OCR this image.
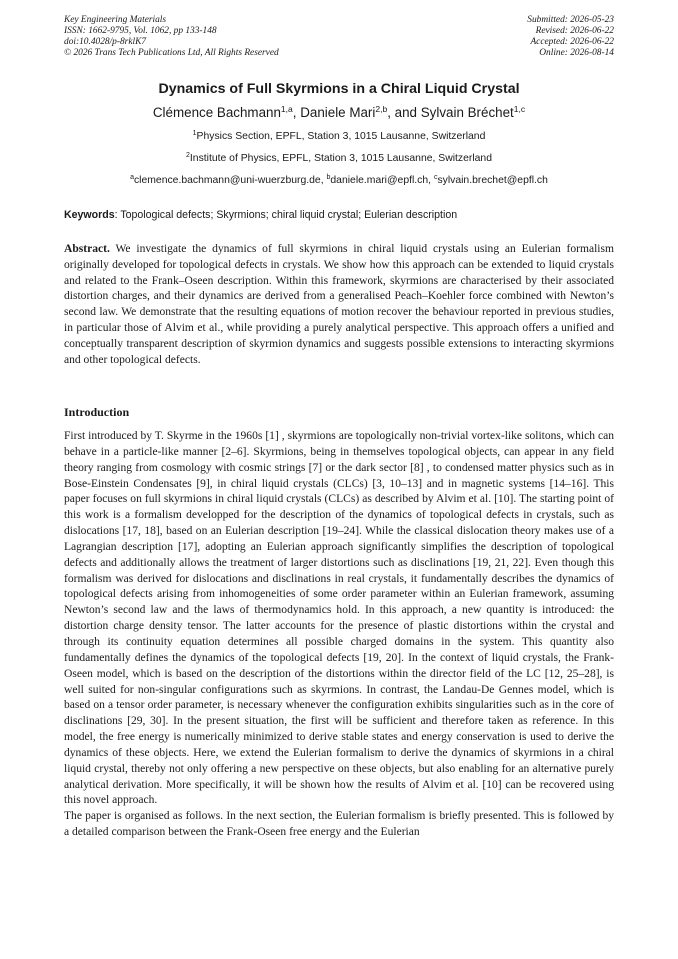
Key Engineering Materials
ISSN: 1662-9795, Vol. 1062, pp 133-148
doi:10.4028/p-8rklK7
© 2026 Trans Tech Publications Ltd, All Rights Reserved
Submitted: 2026-05-23
Revised: 2026-06-22
Accepted: 2026-06-22
Online: 2026-08-14
Dynamics of Full Skyrmions in a Chiral Liquid Crystal
Clémence Bachmann$^{1,a}$, Daniele Mari$^{2,b}$, and Sylvain Bréchet$^{1,c}$
$^1$Physics Section, EPFL, Station 3, 1015 Lausanne, Switzerland
$^2$Institute of Physics, EPFL, Station 3, 1015 Lausanne, Switzerland
$^a$clemence.bachmann@uni-wuerzburg.de, $^b$daniele.mari@epfl.ch, $^c$sylvain.brechet@epfl.ch
Keywords: Topological defects; Skyrmions; chiral liquid crystal; Eulerian description
Abstract. We investigate the dynamics of full skyrmions in chiral liquid crystals using an Eulerian formalism originally developed for topological defects in crystals. We show how this approach can be extended to liquid crystals and related to the Frank–Oseen description. Within this framework, skyrmions are characterised by their associated distortion charges, and their dynamics are derived from a generalised Peach–Koehler force combined with Newton’s second law. We demonstrate that the resulting equations of motion recover the behaviour reported in previous studies, in particular those of Alvim et al., while providing a purely analytical perspective. This approach offers a unified and conceptually transparent description of skyrmion dynamics and suggests possible extensions to interacting skyrmions and other topological defects.
Introduction

First introduced by T. Skyrme in the 1960s [1] , skyrmions are topologically non-trivial vortex-like solitons, which can behave in a particle-like manner [2–6]. Skyrmions, being in themselves topological objects, can appear in any field theory ranging from cosmology with cosmic strings [7] or the dark sector [8] , to condensed matter physics such as in Bose-Einstein Condensates [9], in chiral liquid crystals (CLCs) [3, 10–13] and in magnetic systems [14–16]. This paper focuses on full skyrmions in chiral liquid crystals (CLCs) as described by Alvim et al. [10]. The starting point of this work is a formalism developped for the description of the dynamics of topological defects in crystals, such as dislocations [17, 18], based on an Eulerian description [19–24]. While the classical dislocation theory makes use of a Lagrangian description [17], adopting an Eulerian approach significantly simplifies the description of topological defects and additionally allows the treatment of larger distortions such as disclinations [19, 21, 22]. Even though this formalism was derived for dislocations and disclinations in real crystals, it fundamentally describes the dynamics of topological defects arising from inhomogeneities of some order parameter within an Eulerian framework, assuming Newton’s second law and the laws of thermodynamics hold. In this approach, a new quantity is introduced: the distortion charge density tensor. The latter accounts for the presence of plastic distortions within the crystal and through its continuity equation determines all possible charged domains in the system. This quantity also fundamentally defines the dynamics of the topological defects [19, 20]. In the context of liquid crystals, the Frank-Oseen model, which is based on the description of the distortions within the director field of the LC [12, 25–28], is well suited for non-singular configurations such as skyrmions. In contrast, the Landau-De Gennes model, which is based on a tensor order parameter, is necessary whenever the configuration exhibits singularities such as in the core of disclinations [29, 30]. In the present situation, the first will be sufficient and therefore taken as reference. In this model, the free energy is numerically minimized to derive stable states and energy conservation is used to derive the dynamics of these objects. Here, we extend the Eulerian formalism to derive the dynamics of skyrmions in a chiral liquid crystal, thereby not only offering a new perspective on these objects, but also enabling for an alternative purely analytical derivation. More specifically, it will be shown how the results of Alvim et al. [10] can be recovered using this novel approach.

The paper is organised as follows. In the next section, the Eulerian formalism is briefly presented. This is followed by a detailed comparison between the Frank-Oseen free energy and the Eulerian
